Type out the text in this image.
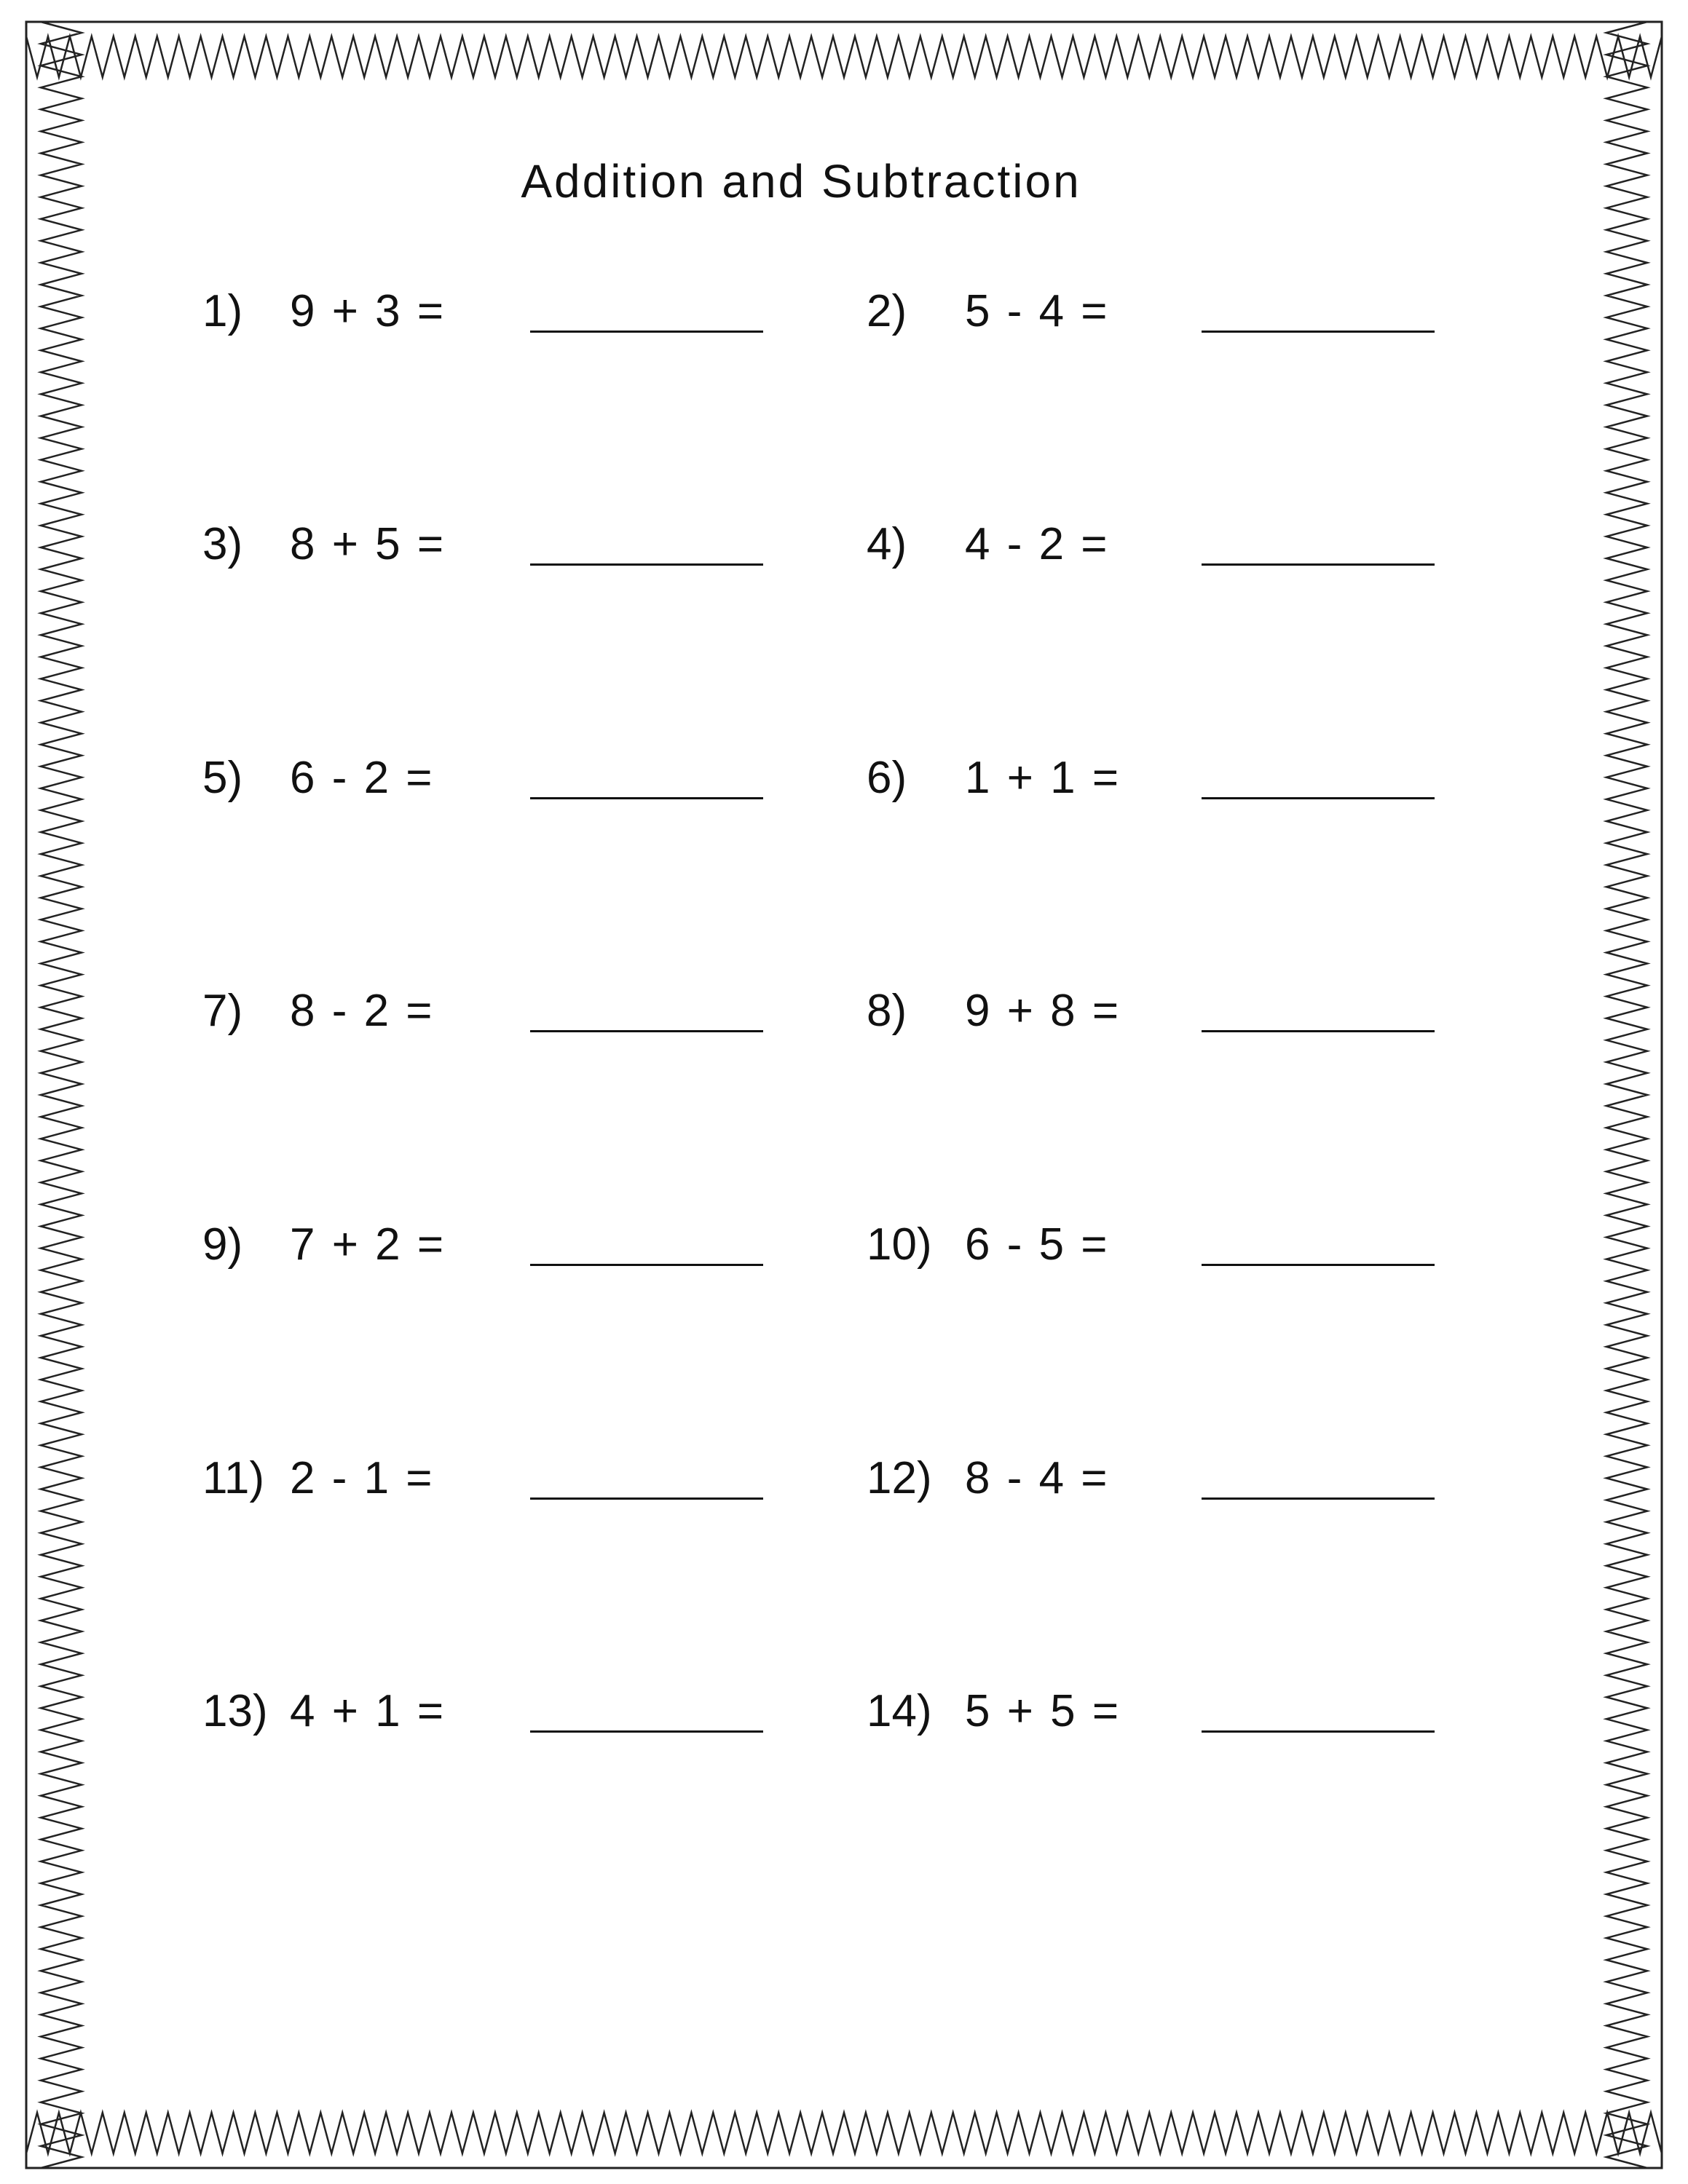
Addition and Subtraction
1) 9 + 3 =	2) 5 - 4 =
3) 8 + 5 =	4) 4 - 2 =
5) 6 - 2 =	6) 1 + 1 =
7) 8 - 2 =	8) 9 + 8 =
9) 7 + 2 =	10) 6 - 5 =
11) 2 - 1 =	12) 8 - 4 =
13) 4 + 1 =	14) 5 + 5 =
